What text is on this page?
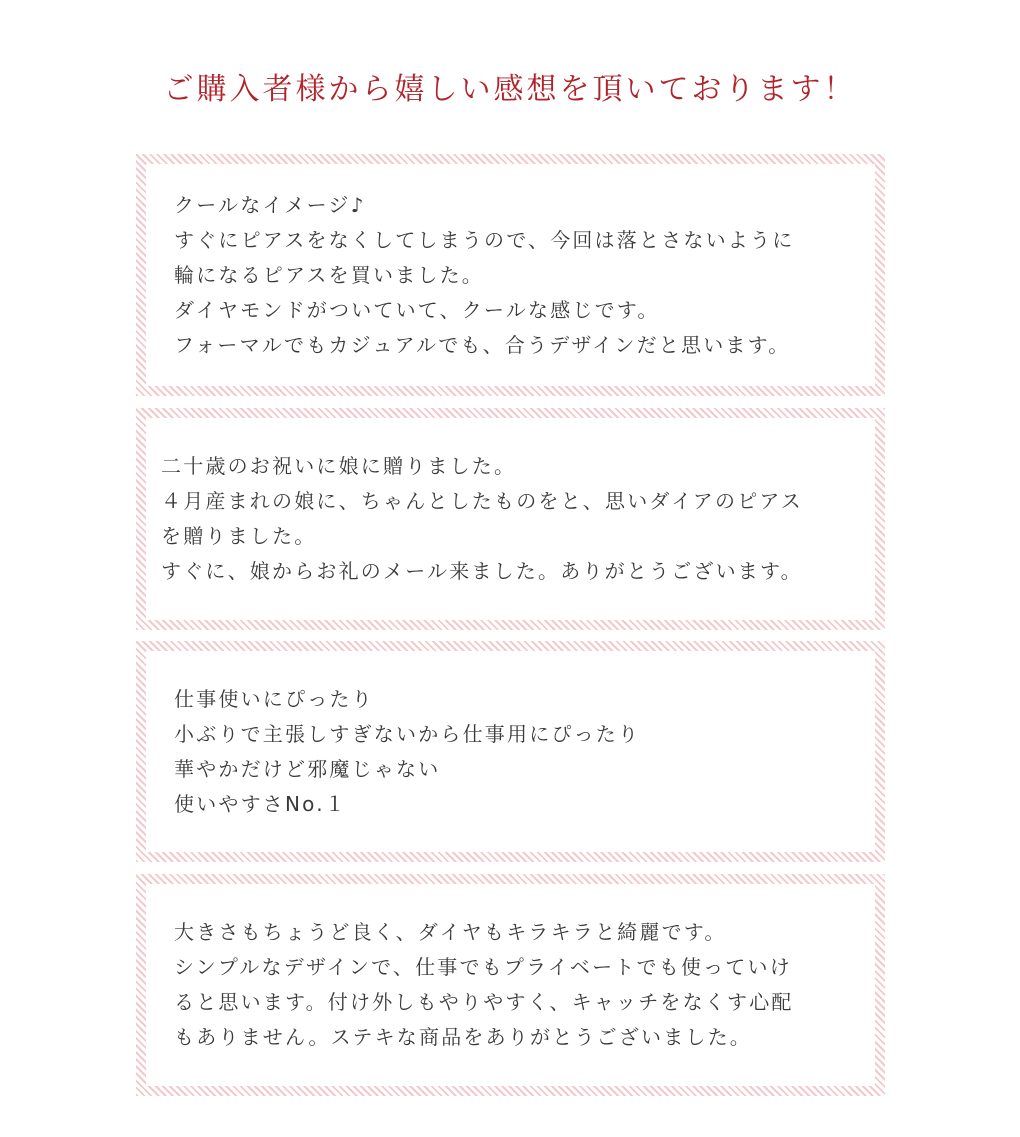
ご購入者様から嬉しい感想を頂いております！
クールなイメージ♪
すぐにピアスをなくしてしまうので、今回は落とさないように
輪になるピアスを買いました。
ダイヤモンドがついていて、クールな感じです。
フォーマルでもカジュアルでも、合うデザインだと思います。
二十歳のお祝いに娘に贈りました。
４月産まれの娘に、ちゃんとしたものをと、思いダイアのピアス
を贈りました。
すぐに、娘からお礼のメール来ました。ありがとうございます。
仕事使いにぴったり
小ぶりで主張しすぎないから仕事用にぴったり
華やかだけど邪魔じゃない
使いやすさNo.１
大きさもちょうど良く、ダイヤもキラキラと綺麗です。
シンプルなデザインで、仕事でもプライベートでも使っていけ
ると思います。付け外しもやりやすく、キャッチをなくす心配
もありません。ステキな商品をありがとうございました。
